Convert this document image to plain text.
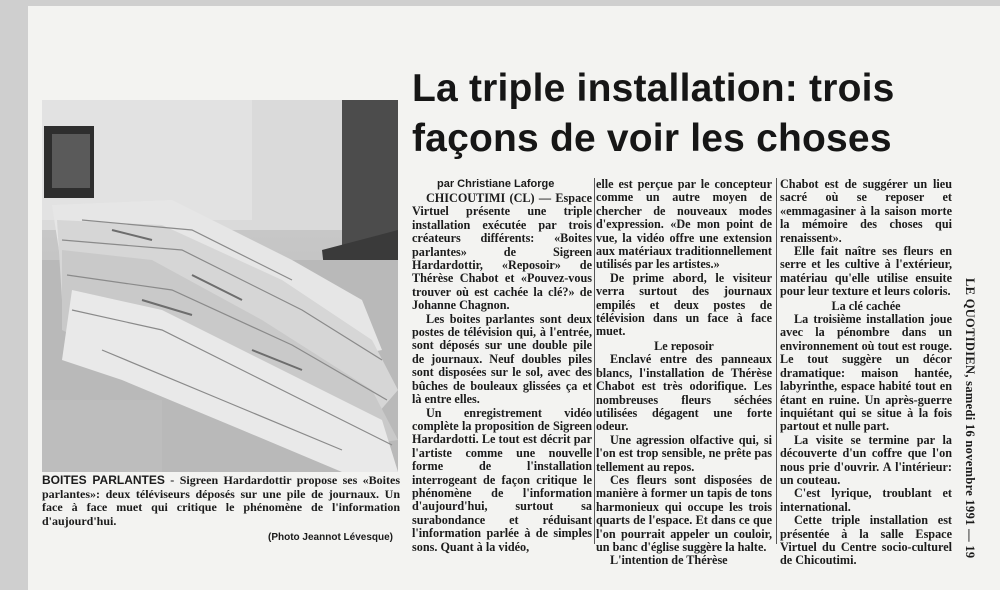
La triple installation: trois
façons de voir les choses

BOITES PARLANTES - Sigreen Hardardottir propose ses «Boites parlantes»: deux téléviseurs déposés sur une pile de journaux. Un face à face muet qui critique le phénomène de l'information d'aujourd'hui.

(Photo Jeannot Lévesque)

par Christiane Laforge

CHICOUTIMI (CL) — Espace Virtuel présente une triple installation exécutée par trois créateurs différents: «Boites parlantes» de Sigreen Hardardottir, «Reposoir» de Thérèse Chabot et «Pouvez-vous trouver où est cachée la clé?» de Johanne Chagnon.

Les boites parlantes sont deux postes de télévision qui, à l'entrée, sont déposés sur une double pile de journaux. Neuf doubles piles sont disposées sur le sol, avec des bûches de bouleaux glissées ça et là entre elles.

Un enregistrement vidéo complète la proposition de Sigreen Hardardotti. Le tout est décrit par l'artiste comme une nouvelle forme de l'installation interrogeant de façon critique le phénomène de l'information d'aujourd'hui, surtout sa surabondance et réduisant l'information parlée à de simples sons. Quant à la vidéo,

elle est perçue par le concepteur comme un autre moyen de chercher de nouveaux modes d'expression. «De mon point de vue, la vidéo offre une extension aux matériaux traditionnellement utilisés par les artistes.»

De prime abord, le visiteur verra surtout des journaux empilés et deux postes de télévision dans un face à face muet.

Le reposoir

Enclavé entre des panneaux blancs, l'installation de Thérèse Chabot est très odorifique. Les nombreuses fleurs séchées utilisées dégagent une forte odeur.

Une agression olfactive qui, si l'on est trop sensible, ne prête pas tellement au repos.

Ces fleurs sont disposées de manière à former un tapis de tons harmonieux qui occupe les trois quarts de l'espace. Et dans ce que l'on pourrait appeler un couloir, un banc d'église suggère la halte.

L'intention de Thérèse

Chabot est de suggérer un lieu sacré où se reposer et «emmagasiner à la saison morte la mémoire des choses qui renaissent».

Elle fait naître ses fleurs en serre et les cultive à l'extérieur, matériau qu'elle utilise ensuite pour leur texture et leurs coloris.

La clé cachée

La troisième installation joue avec la pénombre dans un environnement où tout est rouge. Le tout suggère un décor dramatique: maison hantée, labyrinthe, espace habité tout en étant en ruine. Un après-guerre inquiétant qui se situe à la fois partout et nulle part.

La visite se termine par la découverte d'un coffre que l'on nous prie d'ouvrir. A l'intérieur: un couteau.

C'est lyrique, troublant et international.

Cette triple installation est présentée à la salle Espace Virtuel du Centre socio-culturel de Chicoutimi.

LE QUOTIDIEN, samedi 16 novembre 1991 — 19
